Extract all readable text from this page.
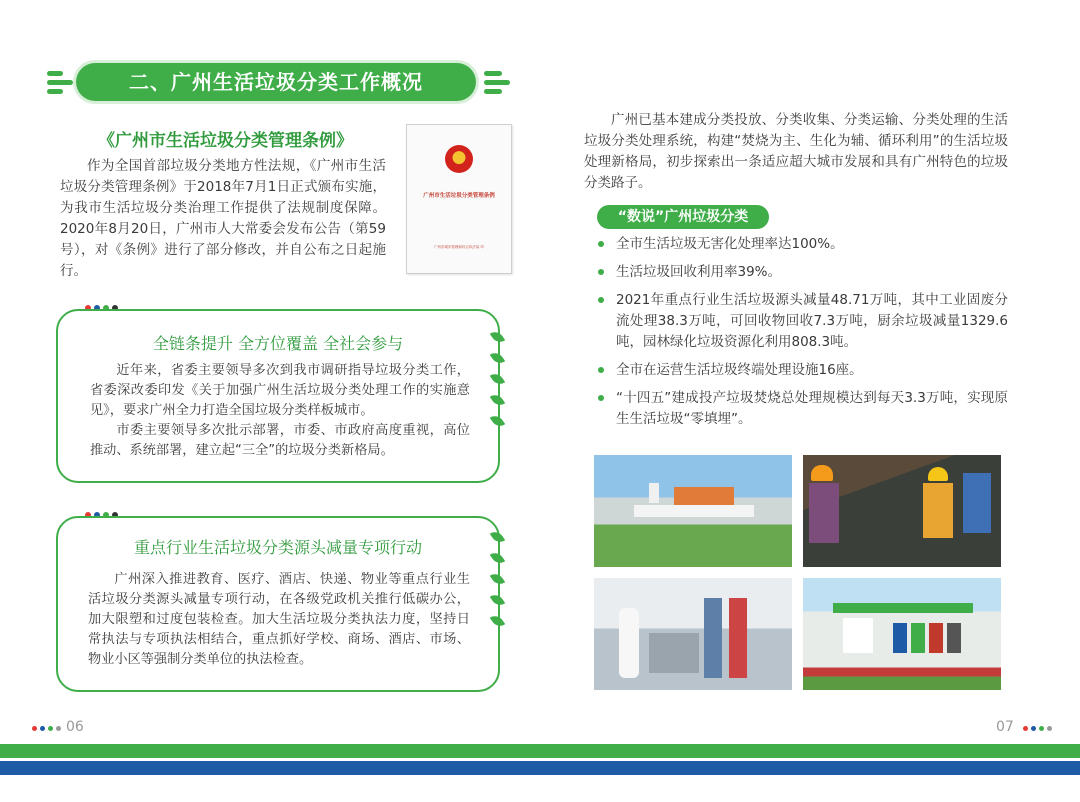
二、广州生活垃圾分类工作概况
《广州市生活垃圾分类管理条例》
作为全国首部垃圾分类地方性法规，《广州市生活垃圾分类管理条例》于2018年7月1日正式颁布实施，为我市生活垃圾分类治理工作提供了法规制度保障。2020年8月20日，广州市人大常委会发布公告（第59号），对《条例》进行了部分修改，并自公布之日起施行。
广州市生活垃圾分类管理条例
广州市城市管理和综合执法局 印
全链条提升 全方位覆盖 全社会参与

近年来，省委主要领导多次到我市调研指导垃圾分类工作，省委深改委印发《关于加强广州生活垃圾分类处理工作的实施意见》，要求广州全力打造全国垃圾分类样板城市。

市委主要领导多次批示部署，市委、市政府高度重视，高位推动、系统部署，建立起“三全”的垃圾分类新格局。

重点行业生活垃圾分类源头减量专项行动

广州深入推进教育、医疗、酒店、快递、物业等重点行业生活垃圾分类源头减量专项行动，在各级党政机关推行低碳办公，加大限塑和过度包装检查。加大生活垃圾分类执法力度，坚持日常执法与专项执法相结合，重点抓好学校、商场、酒店、市场、物业小区等强制分类单位的执法检查。

广州已基本建成分类投放、分类收集、分类运输、分类处理的生活垃圾分类处理系统，构建“焚烧为主、生化为辅、循环利用”的生活垃圾处理新格局，初步探索出一条适应超大城市发展和具有广州特色的垃圾分类路子。
“数说”广州垃圾分类
全市生活垃圾无害化处理率达100%。
生活垃圾回收利用率39%。
2021年重点行业生活垃圾源头减量48.71万吨，其中工业固废分流处理38.3万吨，可回收物回收7.3万吨，厨余垃圾减量1329.6吨，园林绿化垃圾资源化利用808.3吨。
全市在运营生活垃圾终端处理设施16座。
“十四五”建成投产垃圾焚烧总处理规模达到每天3.3万吨，实现原生生活垃圾“零填埋”。
06	07
